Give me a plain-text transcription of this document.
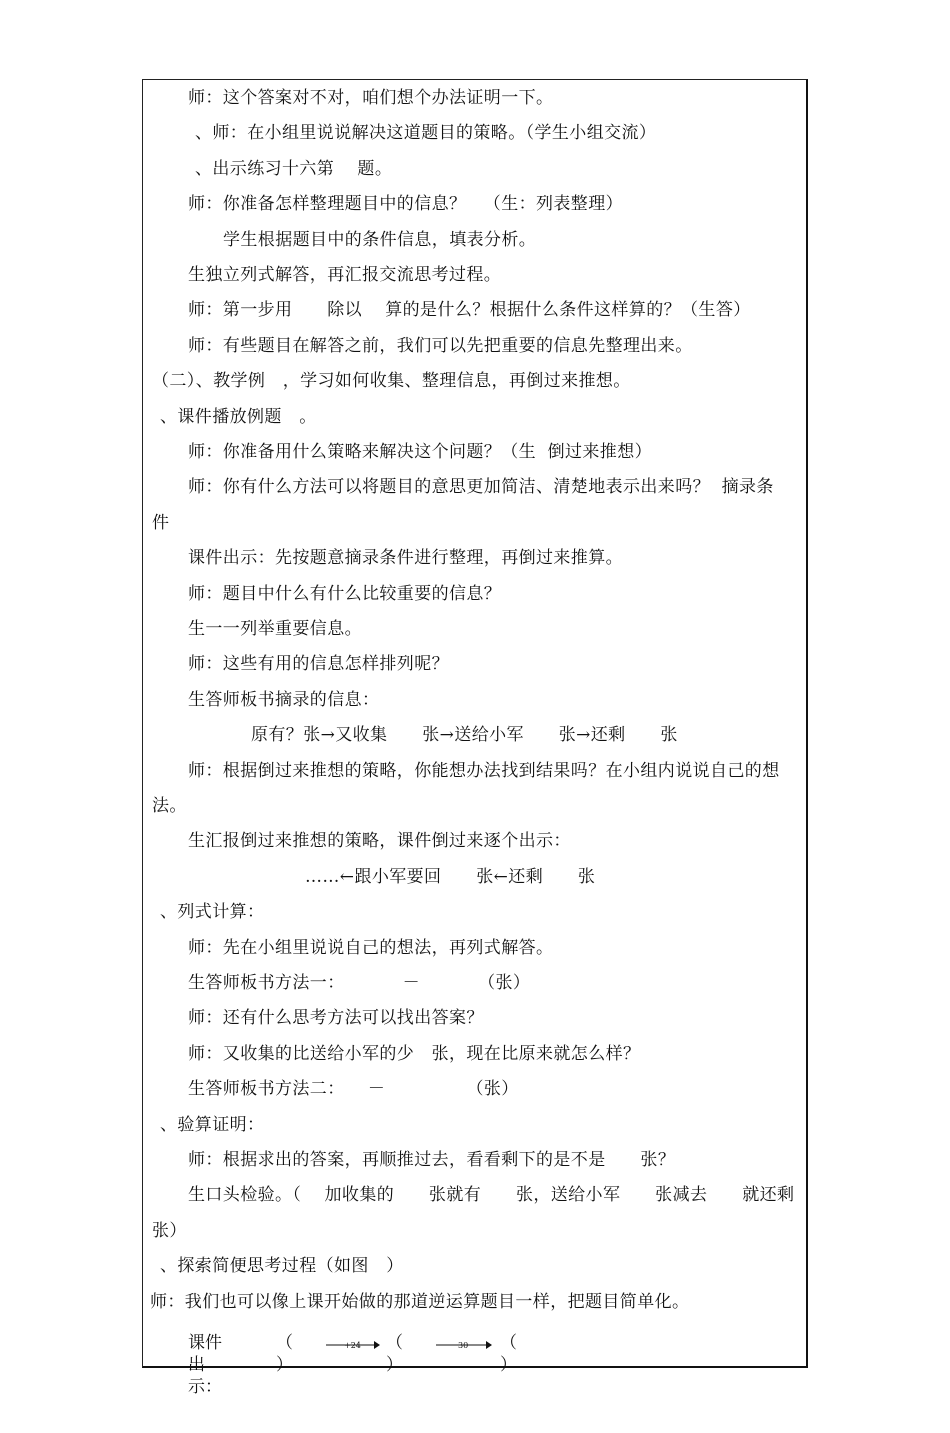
师：这个答案对不对，咱们想个办法证明一下。
、师：在小组里说说解决这道题目的策略。（学生小组交流）
、出示练习十六第    题。
师：你准备怎样整理题目中的信息？   （生：列表整理）
学生根据题目中的条件信息，填表分析。
生独立列式解答，再汇报交流思考过程。
师：第一步用      除以    算的是什么？根据什么条件这样算的？（生答）
师：有些题目在解答之前，我们可以先把重要的信息先整理出来。
（二）、教学例   ，学习如何收集、整理信息，再倒过来推想。
、课件播放例题   。
师：你准备用什么策略来解决这个问题？（生  倒过来推想）
师：你有什么方法可以将题目的意思更加简洁、清楚地表示出来吗？  摘录条
件
课件出示：先按题意摘录条件进行整理，再倒过来推算。
师：题目中什么有什么比较重要的信息？
生一一列举重要信息。
师：这些有用的信息怎样排列呢？
生答师板书摘录的信息：
原有？张→又收集      张→送给小军      张→还剩      张
师：根据倒过来推想的策略，你能想办法找到结果吗？在小组内说说自己的想
法。
生汇报倒过来推想的策略，课件倒过来逐个出示：
……←跟小军要回      张←还剩      张
、列式计算：
师：先在小组里说说自己的想法，再列式解答。
生答师板书方法一：          －          （张）
师：还有什么思考方法可以找出答案？
师：又收集的比送给小军的少   张，现在比原来就怎么样？
生答师板书方法二：    －              （张）
、验算证明：
师：根据求出的答案，再顺推过去，看看剩下的是不是      张？
生口头检验。（    加收集的      张就有      张，送给小军      张减去      就还剩
张）
、探索简便思考过程（如图   ）
师：我们也可以像上课开始做的那道逆运算题目一样，把题目简单化。
课件出示：
（ ）
+24 （ ）
30 （ ）
